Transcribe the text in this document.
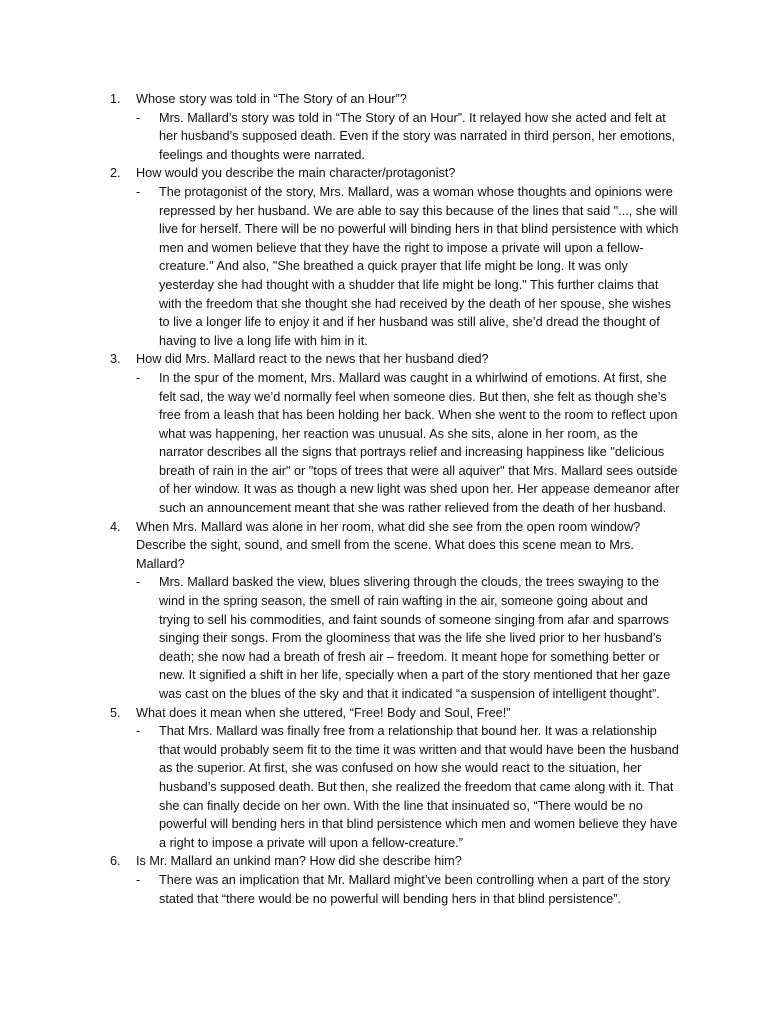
1.	Whose story was told in “The Story of an Hour”?
-	Mrs. Mallard’s story was told in “The Story of an Hour”. It relayed how she acted and felt at her husband’s supposed death. Even if the story was narrated in third person, her emotions, feelings and thoughts were narrated.
2.	How would you describe the main character/protagonist?
-	The protagonist of the story, Mrs. Mallard, was a woman whose thoughts and opinions were repressed by her husband. We are able to say this because of the lines that said "..., she will live for herself. There will be no powerful will binding hers in that blind persistence with which men and women believe that they have the right to impose a private will upon a fellow-creature." And also, "She breathed a quick prayer that life might be long. It was only yesterday she had thought with a shudder that life might be long." This further claims that with the freedom that she thought she had received by the death of her spouse, she wishes to live a longer life to enjoy it and if her husband was still alive, she’d dread the thought of having to live a long life with him in it.
3.	How did Mrs. Mallard react to the news that her husband died?
-	In the spur of the moment, Mrs. Mallard was caught in a whirlwind of emotions. At first, she felt sad, the way we’d normally feel when someone dies. But then, she felt as though she’s free from a leash that has been holding her back. When she went to the room to reflect upon what was happening, her reaction was unusual. As she sits, alone in her room, as the narrator describes all the signs that portrays relief and increasing happiness like "delicious breath of rain in the air" or "tops of trees that were all aquiver" that Mrs. Mallard sees outside of her window. It was as though a new light was shed upon her. Her appease demeanor after such an announcement meant that she was rather relieved from the death of her husband.
4.	When Mrs. Mallard was alone in her room, what did she see from the open room window? Describe the sight, sound, and smell from the scene. What does this scene mean to Mrs. Mallard?
-	Mrs. Mallard basked the view, blues slivering through the clouds, the trees swaying to the wind in the spring season, the smell of rain wafting in the air, someone going about and trying to sell his commodities, and faint sounds of someone singing from afar and sparrows singing their songs. From the gloominess that was the life she lived prior to her husband’s death; she now had a breath of fresh air – freedom. It meant hope for something better or new. It signified a shift in her life, specially when a part of the story mentioned that her gaze was cast on the blues of the sky and that it indicated “a suspension of intelligent thought”.
5.	What does it mean when she uttered, “Free! Body and Soul, Free!”
-	That Mrs. Mallard was finally free from a relationship that bound her. It was a relationship that would probably seem fit to the time it was written and that would have been the husband as the superior. At first, she was confused on how she would react to the situation, her husband’s supposed death. But then, she realized the freedom that came along with it. That she can finally decide on her own. With the line that insinuated so, “There would be no powerful will bending hers in that blind persistence which men and women believe they have a right to impose a private will upon a fellow-creature.”
6.	Is Mr. Mallard an unkind man? How did she describe him?
-	There was an implication that Mr. Mallard might’ve been controlling when a part of the story stated that “there would be no powerful will bending hers in that blind persistence”.
